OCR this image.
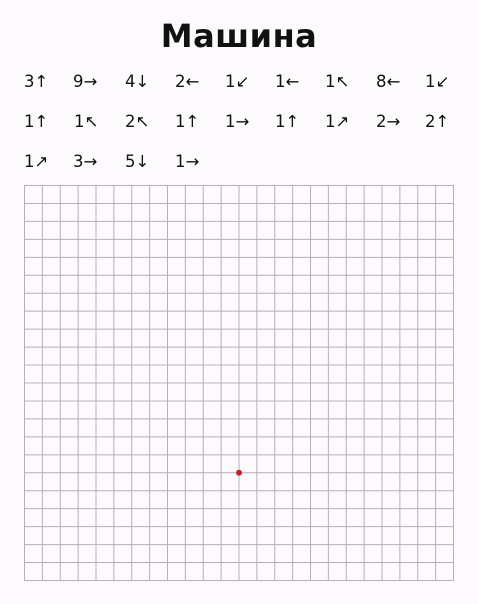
Машина
3↑ 9→ 4↓ 2← 1↙ 1← 1↖ 8← 1↙
1↑ 1↖ 2↖ 1↑ 1→ 1↑ 1↗ 2→ 2↑
1↗ 3→ 5↓ 1→
